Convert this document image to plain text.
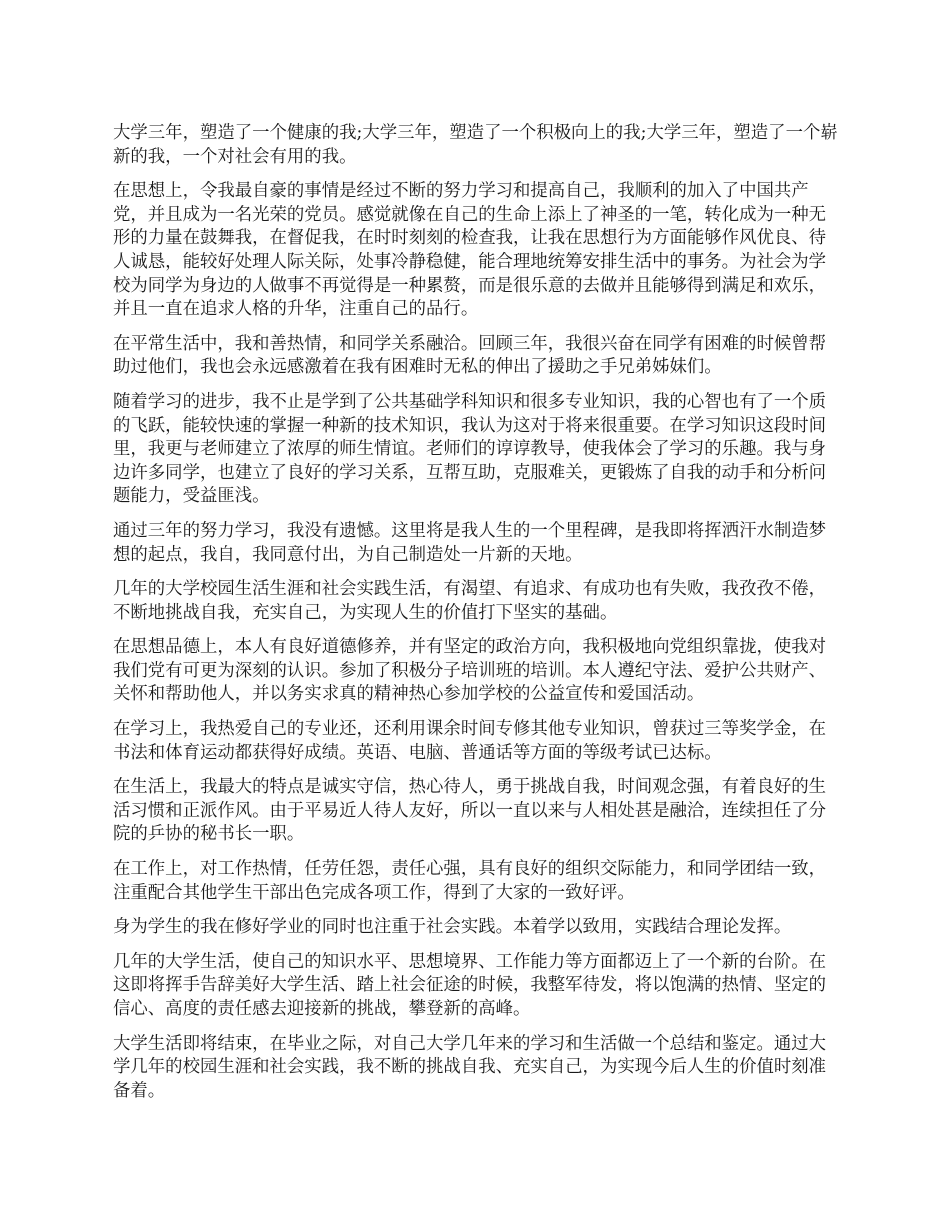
大学三年，塑造了一个健康的我;大学三年，塑造了一个积极向上的我;大学三年，塑造了一个崭新的我，一个对社会有用的我。

在思想上，令我最自豪的事情是经过不断的努力学习和提高自己，我顺利的加入了中国共产党，并且成为一名光荣的党员。感觉就像在自己的生命上添上了神圣的一笔，转化成为一种无形的力量在鼓舞我，在督促我，在时时刻刻的检查我，让我在思想行为方面能够作风优良、待人诚恳，能较好处理人际关际，处事冷静稳健，能合理地统筹安排生活中的事务。为社会为学校为同学为身边的人做事不再觉得是一种累赘，而是很乐意的去做并且能够得到满足和欢乐，并且一直在追求人格的升华，注重自己的品行。

在平常生活中，我和善热情，和同学关系融洽。回顾三年，我很兴奋在同学有困难的时候曾帮助过他们，我也会永远感激着在我有困难时无私的伸出了援助之手兄弟姊妹们。

随着学习的进步，我不止是学到了公共基础学科知识和很多专业知识，我的心智也有了一个质的飞跃，能较快速的掌握一种新的技术知识，我认为这对于将来很重要。在学习知识这段时间里，我更与老师建立了浓厚的师生情谊。老师们的谆谆教导，使我体会了学习的乐趣。我与身边许多同学，也建立了良好的学习关系，互帮互助，克服难关，更锻炼了自我的动手和分析问题能力，受益匪浅。

通过三年的努力学习，我没有遗憾。这里将是我人生的一个里程碑，是我即将挥洒汗水制造梦想的起点，我自，我同意付出，为自己制造处一片新的天地。

几年的大学校园生活生涯和社会实践生活，有渴望、有追求、有成功也有失败，我孜孜不倦，不断地挑战自我，充实自己，为实现人生的价值打下坚实的基础。

在思想品德上，本人有良好道德修养，并有坚定的政治方向，我积极地向党组织靠拢，使我对我们党有可更为深刻的认识。参加了积极分子培训班的培训。本人遵纪守法、爱护公共财产、关怀和帮助他人，并以务实求真的精神热心参加学校的公益宣传和爱国活动。

在学习上，我热爱自己的专业还，还利用课余时间专修其他专业知识，曾获过三等奖学金，在书法和体育运动都获得好成绩。英语、电脑、普通话等方面的等级考试已达标。

在生活上，我最大的特点是诚实守信，热心待人，勇于挑战自我，时间观念强，有着良好的生活习惯和正派作风。由于平易近人待人友好，所以一直以来与人相处甚是融洽，连续担任了分院的乒协的秘书长一职。

在工作上，对工作热情，任劳任怨，责任心强，具有良好的组织交际能力，和同学团结一致，注重配合其他学生干部出色完成各项工作，得到了大家的一致好评。

身为学生的我在修好学业的同时也注重于社会实践。本着学以致用，实践结合理论发挥。

几年的大学生活，使自己的知识水平、思想境界、工作能力等方面都迈上了一个新的台阶。在这即将挥手告辞美好大学生活、踏上社会征途的时候，我整军待发，将以饱满的热情、坚定的信心、高度的责任感去迎接新的挑战，攀登新的高峰。

大学生活即将结束，在毕业之际，对自己大学几年来的学习和生活做一个总结和鉴定。通过大学几年的校园生涯和社会实践，我不断的挑战自我、充实自己，为实现今后人生的价值时刻准备着。
